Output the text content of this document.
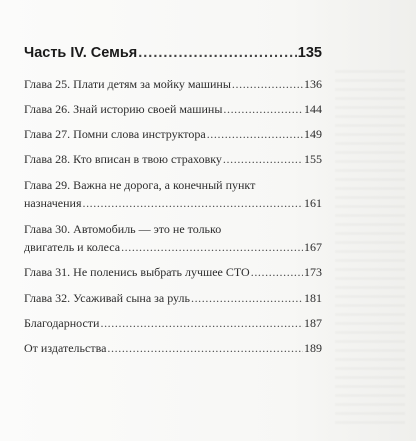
Часть IV. Семья .....	135
Глава 25. Плати детям за мойку машины .....	136
Глава 26. Знай историю своей машины .....	144
Глава 27. Помни слова инструктора .....	149
Глава 28. Кто вписан в твою страховку .....	155
Глава 29. Важна не дорога, а конечный пункт
назначения .....	161
Глава 30. Автомобиль — это не только
двигатель и колеса .....	167
Глава 31. Не поленись выбрать лучшее СТО .....	173
Глава 32. Усаживай сына за руль .....	181
Благодарности .....	187
От издательства .....	189
